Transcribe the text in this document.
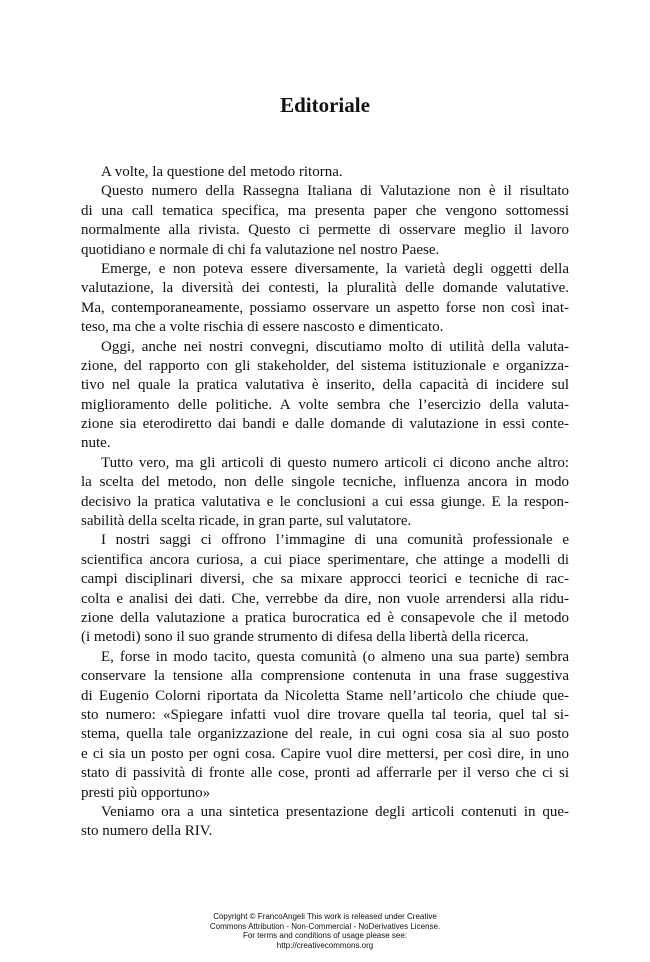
Editoriale
A volte, la questione del metodo ritorna.
Questo numero della Rassegna Italiana di Valutazione non è il risultato
di una call tematica specifica, ma presenta paper che vengono sottomessi
normalmente alla rivista. Questo ci permette di osservare meglio il lavoro
quotidiano e normale di chi fa valutazione nel nostro Paese.
Emerge, e non poteva essere diversamente, la varietà degli oggetti della
valutazione, la diversità dei contesti, la pluralità delle domande valutative.
Ma, contemporaneamente, possiamo osservare un aspetto forse non così inat-
teso, ma che a volte rischia di essere nascosto e dimenticato.
Oggi, anche nei nostri convegni, discutiamo molto di utilità della valuta-
zione, del rapporto con gli stakeholder, del sistema istituzionale e organizza-
tivo nel quale la pratica valutativa è inserito, della capacità di incidere sul
miglioramento delle politiche. A volte sembra che l’esercizio della valuta-
zione sia eterodiretto dai bandi e dalle domande di valutazione in essi conte-
nute.
Tutto vero, ma gli articoli di questo numero articoli ci dicono anche altro:
la scelta del metodo, non delle singole tecniche, influenza ancora in modo
decisivo la pratica valutativa e le conclusioni a cui essa giunge. E la respon-
sabilità della scelta ricade, in gran parte, sul valutatore.
I nostri saggi ci offrono l’immagine di una comunità professionale e
scientifica ancora curiosa, a cui piace sperimentare, che attinge a modelli di
campi disciplinari diversi, che sa mixare approcci teorici e tecniche di rac-
colta e analisi dei dati. Che, verrebbe da dire, non vuole arrendersi alla ridu-
zione della valutazione a pratica burocratica ed è consapevole che il metodo
(i metodi) sono il suo grande strumento di difesa della libertà della ricerca.
E, forse in modo tacito, questa comunità (o almeno una sua parte) sembra
conservare la tensione alla comprensione contenuta in una frase suggestiva
di Eugenio Colorni riportata da Nicoletta Stame nell’articolo che chiude que-
sto numero: «Spiegare infatti vuol dire trovare quella tal teoria, quel tal si-
stema, quella tale organizzazione del reale, in cui ogni cosa sia al suo posto
e ci sia un posto per ogni cosa. Capire vuol dire mettersi, per così dire, in uno
stato di passività di fronte alle cose, pronti ad afferrarle per il verso che ci si
presti più opportuno»
Veniamo ora a una sintetica presentazione degli articoli contenuti in que-
sto numero della RIV.
Copyright © FrancoAngeli This work is released under Creative
Commons Attribution - Non-Commercial - NoDerivatives License.
For terms and conditions of usage please see:
http://creativecommons.org
